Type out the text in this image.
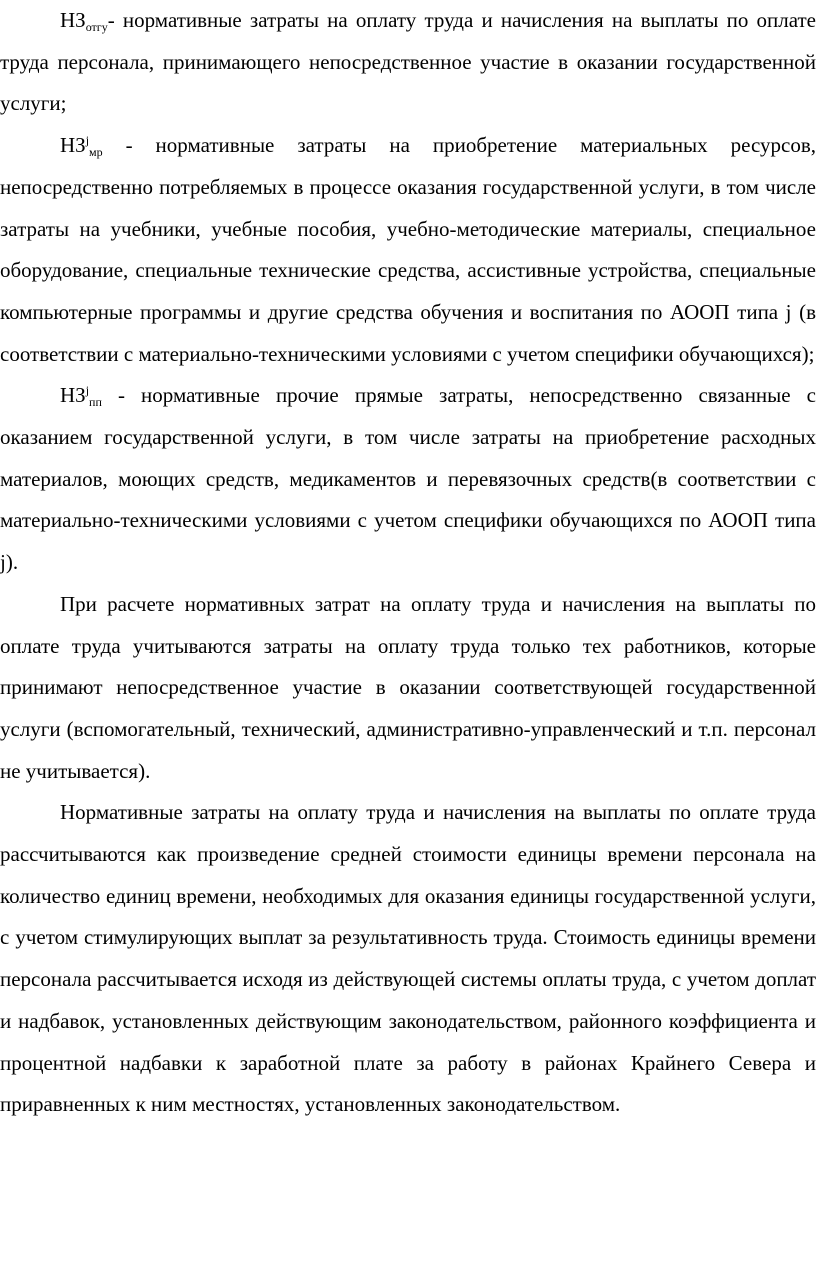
$НЗ_{отгу}-$ нормативные затраты на оплату труда и начисления на выплаты по оплате труда персонала, принимающего непосредственное участие в оказании государственной услуги;

$НЗ^j_{мр}$ - нормативные затраты на приобретение материальных ресурсов, непосредственно потребляемых в процессе оказания государственной услуги, в том числе затраты на учебники, учебные пособия, учебно-методические материалы, специальное оборудование, специальные технические средства, ассистивные устройства, специальные компьютерные программы и другие средства обучения и воспитания по АООП типа j (в соответствии с материально-техническими условиями с учетом специфики обучающихся);

$НЗ^j_{пп}$ - нормативные прочие прямые затраты, непосредственно связанные с оказанием государственной услуги, в том числе затраты на приобретение расходных материалов, моющих средств, медикаментов и перевязочных средств(в соответствии с материально-техническими условиями с учетом специфики обучающихся по АООП типа j).

При расчете нормативных затрат на оплату труда и начисления на выплаты по оплате труда учитываются затраты на оплату труда только тех работников, которые принимают непосредственное участие в оказании соответствующей государственной услуги (вспомогательный, технический, административно-управленческий и т.п. персонал не учитывается).

Нормативные затраты на оплату труда и начисления на выплаты по оплате труда рассчитываются как произведение средней стоимости единицы времени персонала на количество единиц времени, необходимых для оказания единицы государственной услуги, с учетом стимулирующих выплат за результативность труда. Стоимость единицы времени персонала рассчитывается исходя из действующей системы оплаты труда, с учетом доплат и надбавок, установленных действующим законодательством, районного коэффициента и процентной надбавки к заработной плате за работу в районах Крайнего Севера и приравненных к ним местностях, установленных законодательством.
